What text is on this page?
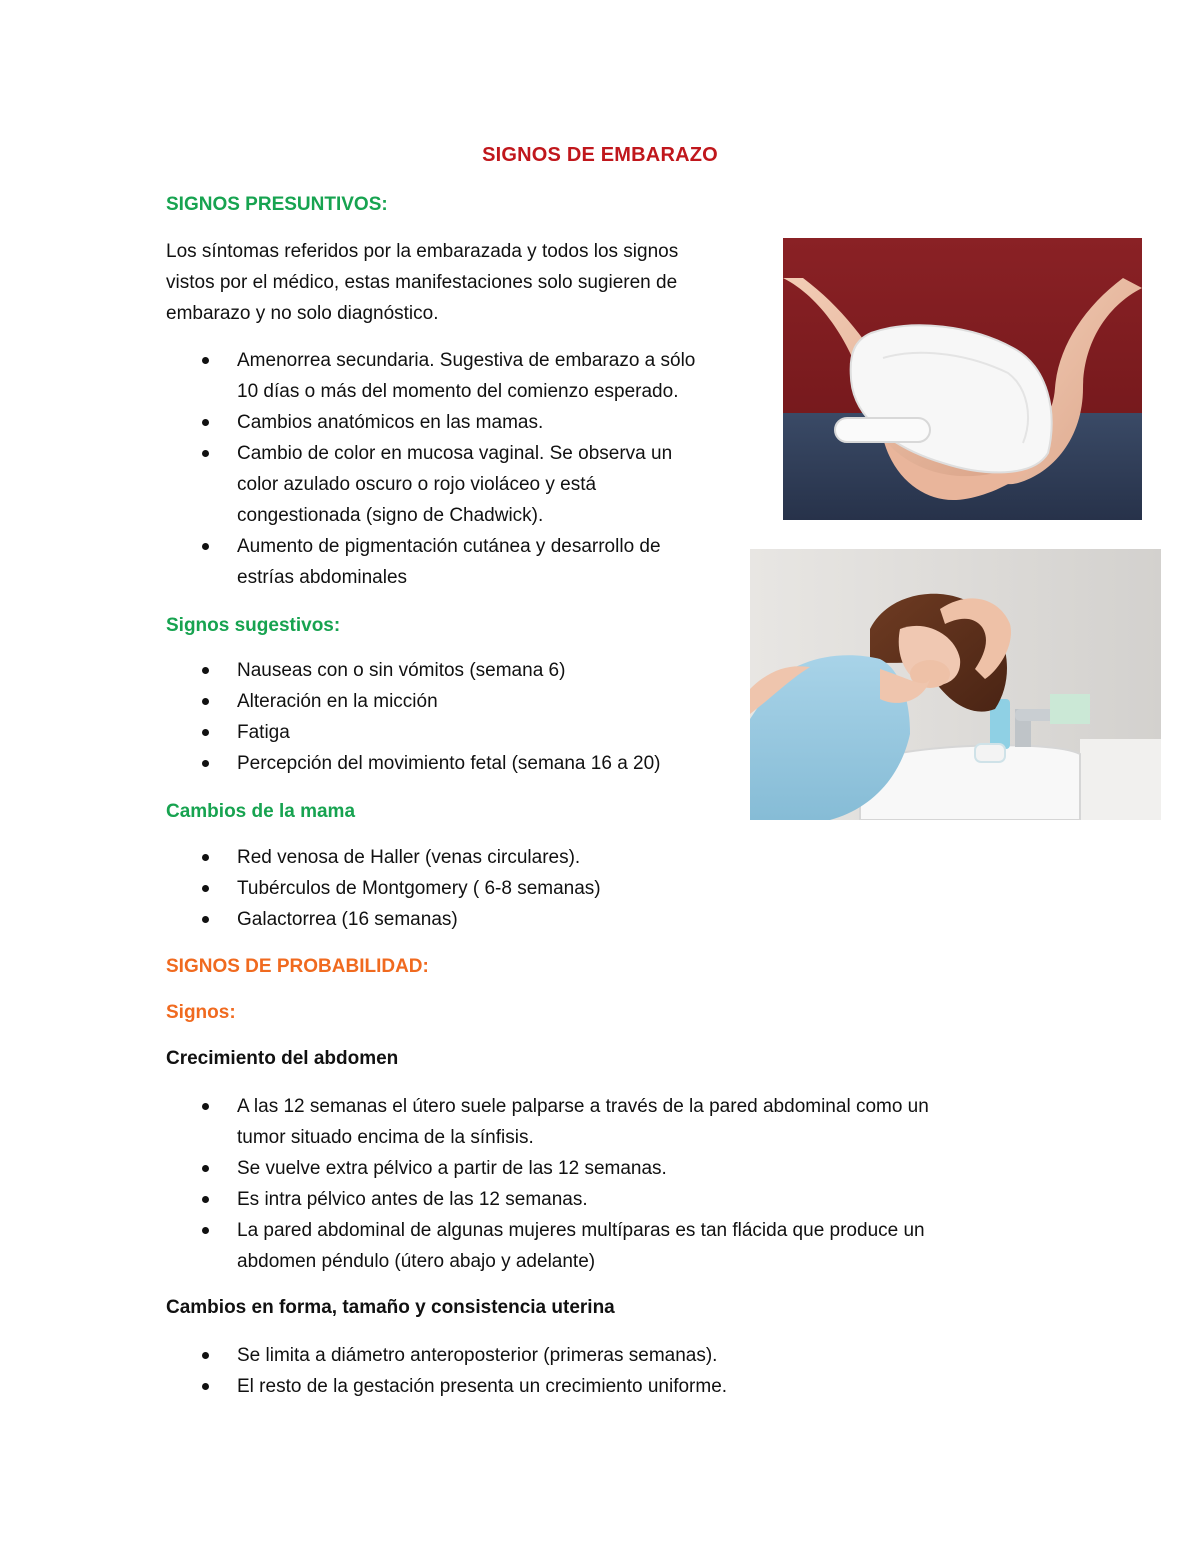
SIGNOS DE EMBARAZO
SIGNOS PRESUNTIVOS:
Los síntomas referidos por la embarazada y todos los signos
vistos por el médico, estas manifestaciones solo sugieren de
embarazo y no solo diagnóstico.
Amenorrea secundaria. Sugestiva de embarazo a sólo
10 días o más del momento del comienzo esperado.
Cambios anatómicos en las mamas.
Cambio de color en mucosa vaginal. Se observa un
color azulado oscuro o rojo violáceo y está
congestionada (signo de Chadwick).
Aumento de pigmentación cutánea y desarrollo de
estrías abdominales
Signos sugestivos:
Nauseas con o sin vómitos (semana 6)
Alteración en la micción
Fatiga
Percepción del movimiento fetal (semana 16 a 20)
Cambios de la mama
Red venosa de Haller (venas circulares).
Tubérculos de Montgomery ( 6-8 semanas)
Galactorrea (16 semanas)
SIGNOS DE PROBABILIDAD:
Signos:
Crecimiento del abdomen
A las 12 semanas el útero suele palparse a través de la pared abdominal como un
tumor situado encima de la sínfisis.
Se vuelve extra pélvico a partir de las 12 semanas.
Es intra pélvico antes de las 12 semanas.
La pared abdominal de algunas mujeres multíparas es tan flácida que produce un
abdomen péndulo (útero abajo y adelante)
Cambios en forma, tamaño y consistencia uterina
Se limita a diámetro anteroposterior (primeras semanas).
El resto de la gestación presenta un crecimiento uniforme.
